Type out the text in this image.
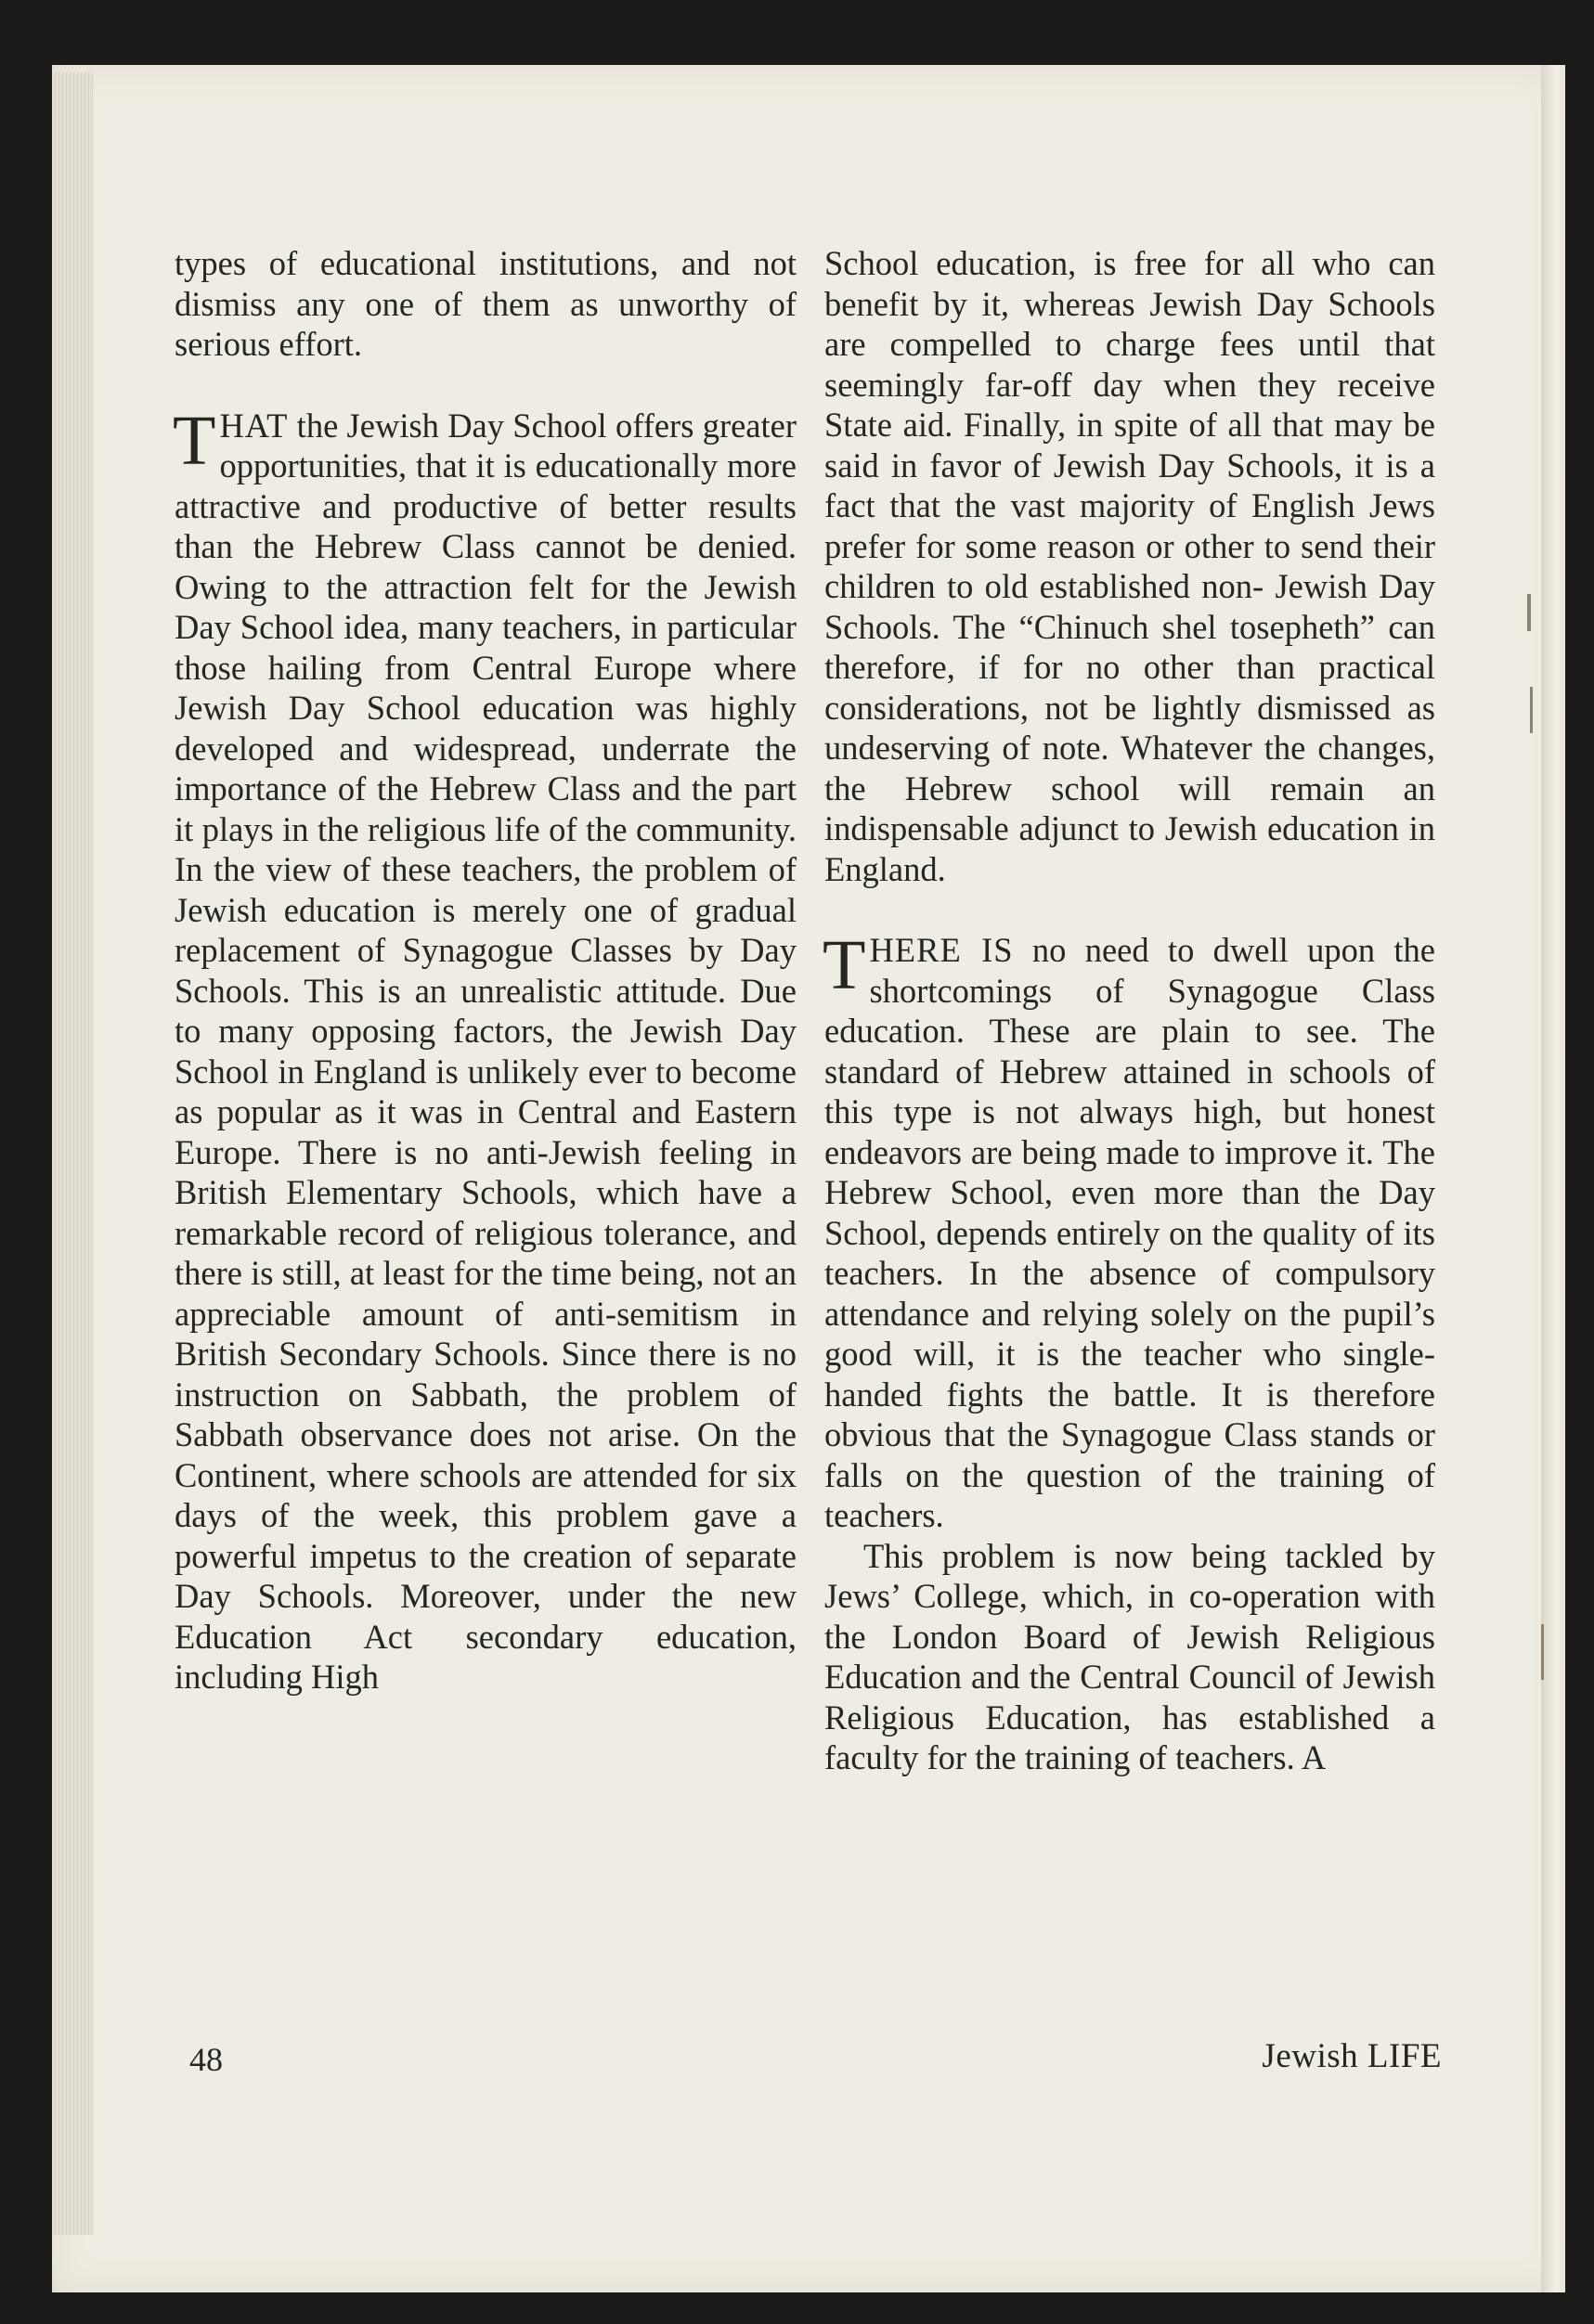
types of educational institutions, and not dismiss any one of them as unworthy of serious effort.

THAT the Jewish Day School offers greater opportunities, that it is educationally more attractive and productive of better results than the Hebrew Class cannot be denied. Owing to the attraction felt for the Jewish Day School idea, many teachers, in particular those hailing from Central Europe where Jewish Day School education was highly developed and widespread, underrate the importance of the Hebrew Class and the part it plays in the religious life of the community. In the view of these teachers, the problem of Jewish education is merely one of gradual replacement of Synagogue Classes by Day Schools. This is an unrealistic attitude. Due to many opposing factors, the Jewish Day School in England is unlikely ever to become as popular as it was in Central and Eastern Europe. There is no anti-Jewish feeling in British Elementary Schools, which have a remarkable record of religious tolerance, and there is still, at least for the time being, not an appreciable amount of anti-semitism in British Secondary Schools. Since there is no instruction on Sabbath, the problem of Sabbath observance does not arise. On the Continent, where schools are attended for six days of the week, this problem gave a powerful impetus to the creation of separate Day Schools. Moreover, under the new Education Act secondary education, including High

School education, is free for all who can benefit by it, whereas Jewish Day Schools are compelled to charge fees until that seemingly far-off day when they receive State aid. Finally, in spite of all that may be said in favor of Jewish Day Schools, it is a fact that the vast majority of English Jews prefer for some reason or other to send their children to old established non- Jewish Day Schools. The “Chinuch shel tosepheth” can therefore, if for no other than practical considerations, not be lightly dismissed as undeserving of note. Whatever the changes, the Hebrew school will remain an indispensable adjunct to Jewish education in England.

THERE IS no need to dwell upon the shortcomings of Synagogue Class education. These are plain to see. The standard of Hebrew attained in schools of this type is not always high, but honest endeavors are being made to improve it. The Hebrew School, even more than the Day School, depends entirely on the quality of its teachers. In the absence of compulsory attendance and relying solely on the pupil’s good will, it is the teacher who single-handed fights the battle. It is therefore obvious that the Synagogue Class stands or falls on the question of the training of teachers.

This problem is now being tackled by Jews’ College, which, in co-operation with the London Board of Jewish Religious Education and the Central Council of Jewish Religious Education, has established a faculty for the training of teachers. A

48	Jewish LIFE
